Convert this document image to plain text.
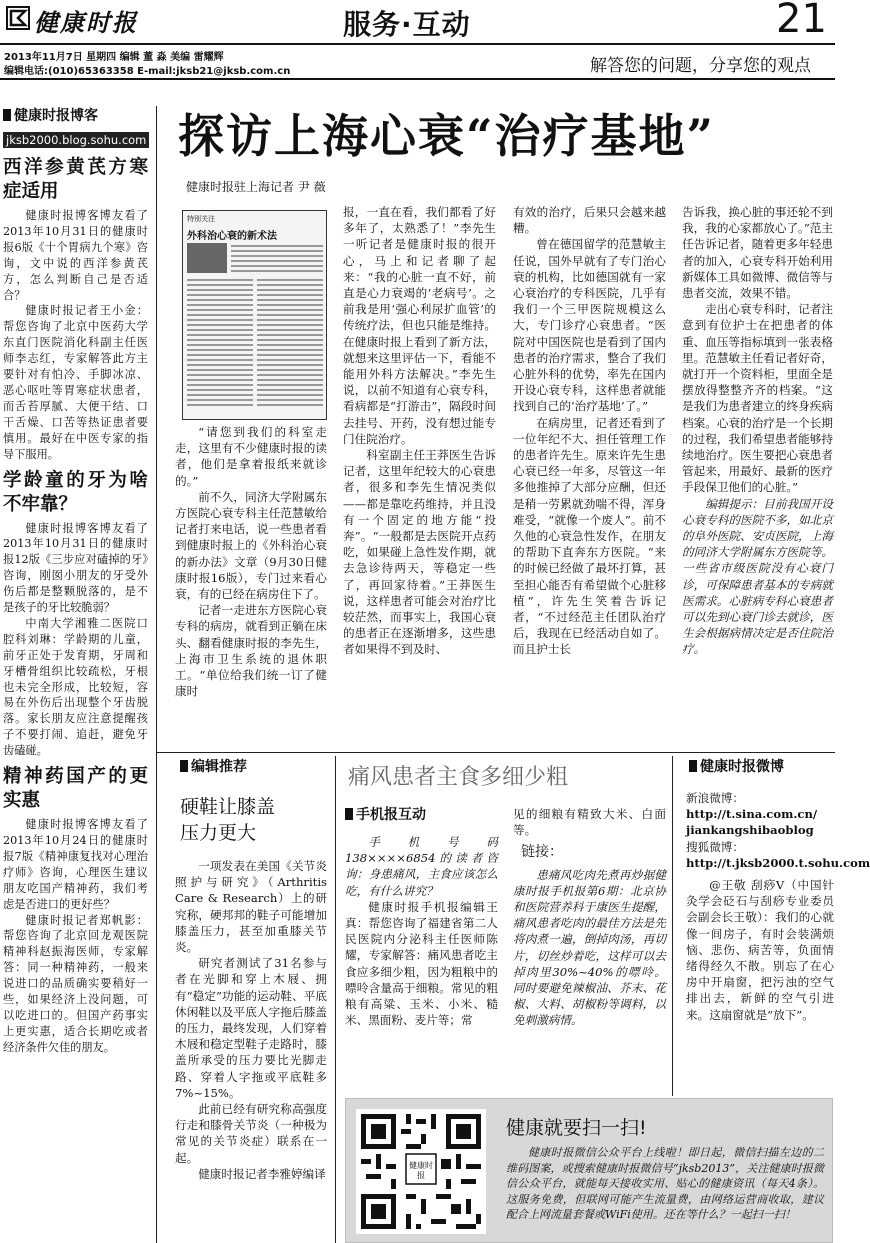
健康时报	服务·互动	21
2013年11月7日 星期四 编辑 董 淼 美编 雷耀辉
编辑电话:(010)65363358 E-mail:jksb21@jksb.com.cn	解答您的问题，分享您的观点
健康时报博客
jksb2000.blog.sohu.com
西洋参黄芪方寒症适用

健康时报博客博友看了2013年10月31日的健康时报6版《十个胃病九个寒》咨询，文中说的西洋参黄芪方，怎么判断自己是否适合？

健康时报记者王小金：帮您咨询了北京中医药大学东直门医院消化科副主任医师李志红，专家解答此方主要针对有怕冷、手脚冰凉、恶心呕吐等胃寒症状患者，而舌苔厚腻、大便干结、口干舌燥、口苦等热证患者要慎用。最好在中医专家的指导下服用。

学龄童的牙为啥不牢靠？

健康时报博客博友看了2013年10月31日的健康时报12版《三步应对磕掉的牙》咨询，刚囡小朋友的牙受外伤后都是整颗脱落的，是不是孩子的牙比较脆弱？

中南大学湘雅二医院口腔科刘琳：学龄期的儿童，前牙正处于发育期，牙周和牙槽骨组织比较疏松，牙根也未完全形成，比较短，容易在外伤后出现整个牙齿脱落。家长朋友应注意提醒孩子不要打闹、追赶，避免牙齿磕碰。

精神药国产的更实惠

健康时报博客博友看了2013年10月24日的健康时报7版《精神康复找对心理治疗师》咨询，心理医生建议朋友吃国产精神药，我们考虑是否进口的更好些？

健康时报记者郑帆影：帮您咨询了北京回龙观医院精神科赵振海医师，专家解答：同一种精神药，一般来说进口的品质确实要稍好一些，如果经济上没问题，可以吃进口的。但国产药事实上更实惠，适合长期吃或者经济条件欠佳的朋友。

探访上海心衰“治疗基地”
健康时报驻上海记者 尹 薇
特别关注
外科治心衰的新术法

“请您到我们的科室走走，这里有不少健康时报的读者，他们是拿着报纸来就诊的。”

前不久，同济大学附属东方医院心衰专科主任范慧敏给记者打来电话，说一些患者看到健康时报上的《外科治心衰的新办法》文章（9月30日健康时报16版），专门过来看心衰，有的已经在病房住下了。

记者一走进东方医院心衰专科的病房，就看到正躺在床头、翻看健康时报的李先生，上海市卫生系统的退休职工。“单位给我们统一订了健康时

报，一直在看，我们都看了好多年了，太熟悉了！”李先生一听记者是健康时报的很开心，马上和记者聊了起来：“我的心脏一直不好，前直是心力衰竭的‘老病号’。之前我是用‘强心利尿扩血管’的传统疗法，但也只能是维持。在健康时报上看到了新方法，就想来这里评估一下，看能不能用外科方法解决。”李先生说，以前不知道有心衰专科，看病都是“打游击”，隔段时间去挂号、开药，没有想过能专门住院治疗。

科室副主任王莽医生告诉记者，这里年纪较大的心衰患者，很多和李先生情况类似——都是靠吃药维持，并且没有一个固定的地方能“投奔”。“一般都是去医院开点药吃，如果碰上急性发作期，就去急诊待两天，等稳定一些了，再回家待着。”王莽医生说，这样患者可能会对治疗比较茫然，而事实上，我国心衰的患者正在逐渐增多，这些患者如果得不到及时、

有效的治疗，后果只会越来越糟。

曾在德国留学的范慧敏主任说，国外早就有了专门治心衰的机构，比如德国就有一家心衰治疗的专科医院，几乎有我们一个三甲医院规模这么大，专门诊疗心衰患者。“医院对中国医院也是看到了国内患者的治疗需求，整合了我们心脏外科的优势，率先在国内开设心衰专科，这样患者就能找到自己的‘治疗基地’了。”

在病房里，记者还看到了一位年纪不大、担任管理工作的患者许先生。原来许先生患心衰已经一年多，尽管这一年多他推掉了大部分应酬，但还是稍一劳累就劲喘不得，浑身难受，“就像一个废人”。前不久他的心衰急性发作，在朋友的帮助下直奔东方医院。“来的时候已经做了最坏打算，甚至担心能否有希望做个心脏移植”，许先生笑着告诉记者，“不过经范主任团队治疗后，我现在已经活动自如了。而且护士长

告诉我，换心脏的事还轮不到我，我的心家都放心了。”范主任告诉记者，随着更多年轻患者的加入，心衰专科开始利用新媒体工具如微博、微信等与患者交流，效果不错。

走出心衰专科时，记者注意到有位护士在把患者的体重、血压等指标填到一张表格里。范慧敏主任看记者好奇，就打开一个资料柜，里面全是摆放得整整齐齐的档案。“这是我们为患者建立的终身疾病档案。心衰的治疗是一个长期的过程，我们希望患者能够持续地治疗。医生要把心衰患者管起来，用最好、最新的医疗手段保卫他们的心脏。”

编辑提示：目前我国开设心衰专科的医院不多，如北京的阜外医院、安贞医院，上海的同济大学附属东方医院等。一些省市级医院没有心衰门诊，可保障患者基本的专病就医需求。心脏病专科心衰患者可以先到心衰门诊去就诊，医生会根据病情决定是否住院治疗。

编辑推荐
硬鞋让膝盖
压力更大

一项发表在美国《关节炎照护与研究》（Arthritis Care & Research）上的研究称，硬邦邦的鞋子可能增加膝盖压力，甚至加重膝关节炎。

研究者测试了31名参与者在光脚和穿上木屐、拥有“稳定”功能的运动鞋、平底休闲鞋以及平底人字拖后膝盖的压力，最终发现，人们穿着木屐和稳定型鞋子走路时，膝盖所承受的压力要比光脚走路、穿着人字拖或平底鞋多7%~15%。

此前已经有研究称高强度行走和膝骨关节炎（一种极为常见的关节炎症）联系在一起。

健康时报记者李雅婷编译

痛风患者主食多细少粗
手机报互动

手机号码138××××6854的读者咨询：身患痛风，主食应该怎么吃，有什么讲究？

健康时报手机报编辑王真：帮您咨询了福建省第二人民医院内分泌科主任医师陈耀，专家解答：痛风患者吃主食应多细少粗，因为粗粮中的嘌呤含量高于细粮。常见的粗粮有高粱、玉米、小米、糙米、黑面粉、麦片等；常

见的细粮有精致大米、白面等。

链接：

患痛风吃肉先煮再炒据健康时报手机报第6期：北京协和医院营养科于康医生提醒，痛风患者吃肉的最佳方法是先将肉煮一遍，倒掉肉汤，再切片，切丝炒着吃，这样可以去掉肉里30%~40%的嘌呤。同时要避免辣椒油、芥末、花椒、大料、胡椒粉等调料，以免刺激病情。

健康时报微博
新浪微博：
http://t.sina.com.cn/
jiankangshibaoblog
搜狐微博：
http://t.jksb2000.t.sohu.com

@王敬 刮痧V（中国针灸学会砭石与刮痧专业委员会副会长王敬）：我们的心就像一间房子，有时会装满烦恼、悲伤、病苦等，负面情绪得经久不散。别忘了在心房中开扇窗，把污浊的空气排出去，新鲜的空气引进来。这扇窗就是“放下”。

健康时报
健康就要扫一扫!
健康时报微信公众平台上线啦！即日起，微信扫描左边的二维码图案，或搜索健康时报微信号“jksb2013”，关注健康时报微信公众平台，就能每天接收实用、贴心的健康资讯（每天4条）。这服务免费，但联网可能产生流量费，由网络运营商收取，建议配合上网流量套餐或WiFi使用。还在等什么？一起扫一扫！
